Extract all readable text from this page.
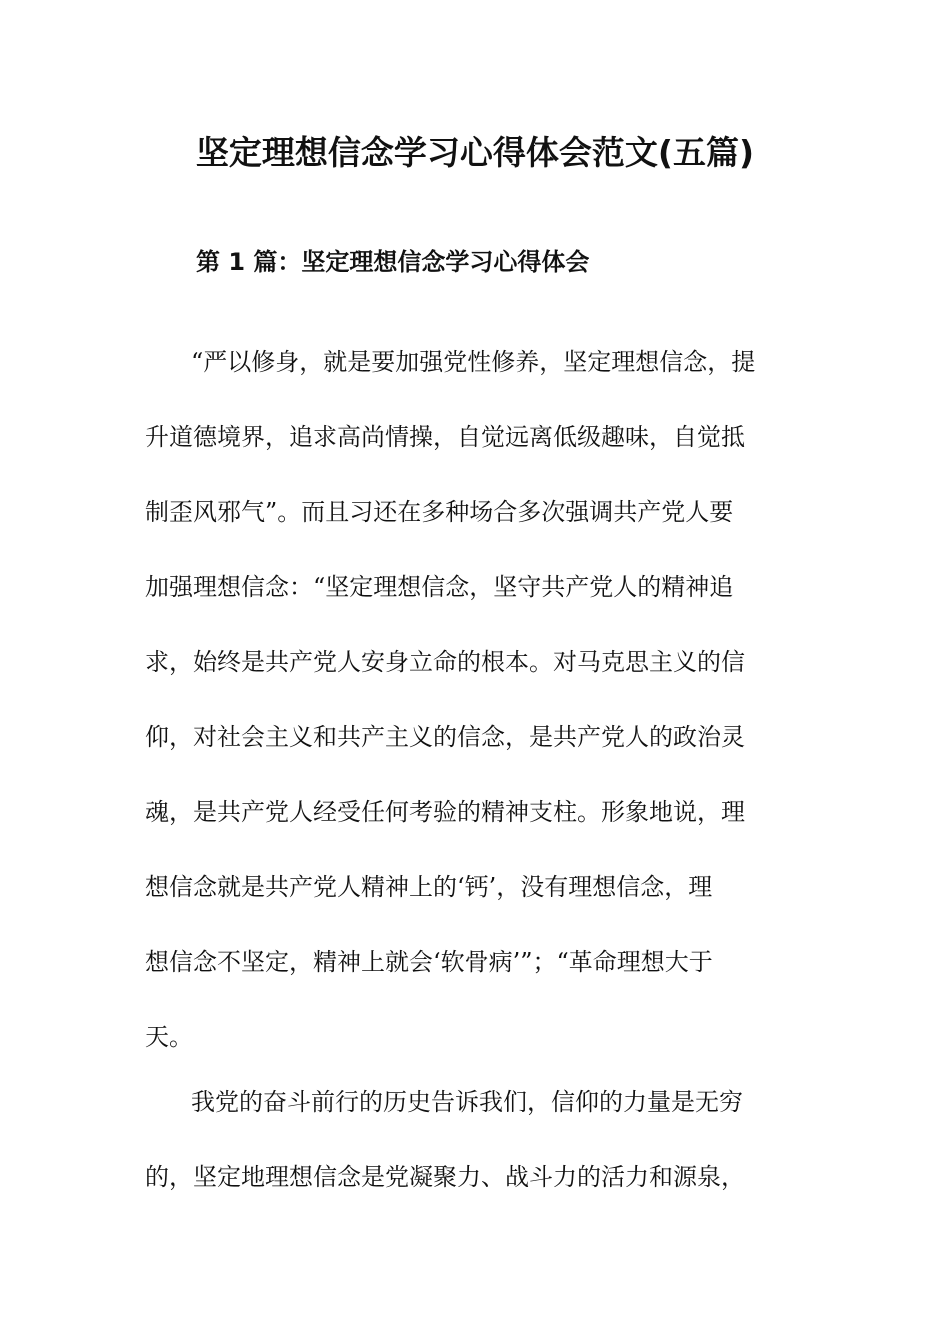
坚定理想信念学习心得体会范文(五篇)
第 1 篇：坚定理想信念学习心得体会
“严以修身，就是要加强党性修养，坚定理想信念，提
升道德境界，追求高尚情操，自觉远离低级趣味，自觉抵
制歪风邪气”。而且习还在多种场合多次强调共产党人要
加强理想信念：“坚定理想信念，坚守共产党人的精神追
求，始终是共产党人安身立命的根本。对马克思主义的信
仰，对社会主义和共产主义的信念，是共产党人的政治灵
魂，是共产党人经受任何考验的精神支柱。形象地说，理
想信念就是共产党人精神上的‘钙’，没有理想信念，理
想信念不坚定，精神上就会‘软骨病’”；“革命理想大于
天。
我党的奋斗前行的历史告诉我们，信仰的力量是无穷
的，坚定地理想信念是党凝聚力、战斗力的活力和源泉，
